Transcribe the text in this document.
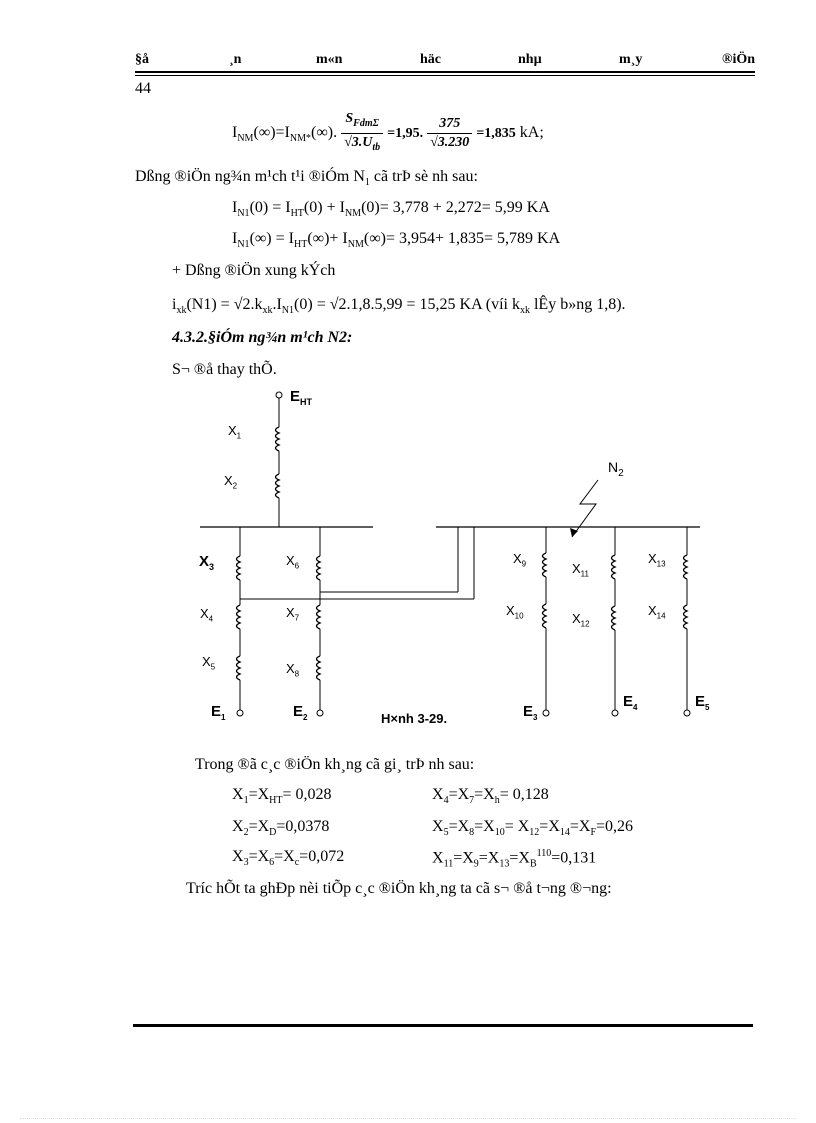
§å	¸n	m«n	häc	nhµ	m¸y	®iÖn
44
$I_{NM}(\infty)=I_{NM*}(\infty)$. $\frac{S_{Fdm\Sigma}}{√3.U_{tb}} =1,95$. $\frac{375}{√3.230} =1,835$ kA;
Dßng ®iÖn ng¾n m¹ch t¹i ®iÓm $N_1$ cã trÞ sè nh sau:
$I_{N1}(0) = I_{HT}(0) + I_{NM}(0)= 3,778 + 2,272= 5,99$ KA
$I_{N1}(\infty) = I_{HT}(\infty)+ I_{NM}(\infty)= 3,954+ 1,835= 5,789$ KA
+ Dßng ®iÖn xung kÝch
$i_{xk}(N1) = √2.k_{xk}.I_{N1}(0) = √2.1,8.5,99 = 15,25$ KA (víi $k_{xk}$ lÊy b»ng 1,8).
4.3.2.§iÓm ng¾n m¹ch N2:
S¬ ®å thay thÕ.
$E_{HT}$
$N_2$
$X_1$
$X_2$
$X_3$
$X_4$
$X_5$
$X_6$
$X_7$
$X_8$
$X_9$
$X_{10}$
$X_{11}$
$X_{12}$
$X_{13}$
$X_{14}$
$E_1$	$E_2$	$E_3$
$E_4$	$E_5$
H×nh 3-29.
Trong ®ã c¸c ®iÖn kh¸ng cã gi¸ trÞ nh sau:
$X_1=X_{HT}= 0,028$	$X_4=X_7=X_h= 0,128$
$X_2=X_D=0,0378$	$X_5=X_8=X_{10}= X_{12}=X_{14}=X_F=0,26$
$X_3=X_6=X_c=0,072$	$X_{11}=X_9=X_{13}=X_B^{110}=0,131$
Tríc hÕt ta ghÐp nèi tiÕp c¸c ®iÖn kh¸ng ta cã s¬ ®å t¬ng ®¬ng:
